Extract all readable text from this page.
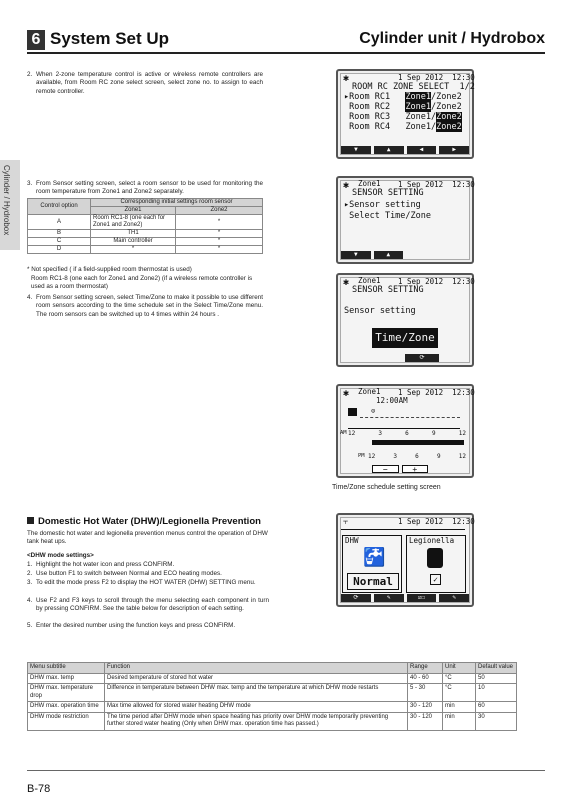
6 System Set Up	Cylinder unit / Hydrobox
Cylinder / Hydrobox
2. When 2-zone temperature control is active or wireless remote controllers are available, from Room RC zone select screen, select zone no. to assign to each remote controller.
3. From Sensor setting screen, select a room sensor to be used for monitoring the room temperature from Zone1 and Zone2 separately.
Control option	Corresponding initial settings room sensor	
	Zone1	Zone2
A	Room RC1-8 (one each for Zone1 and Zone2)	*
B	TH1	*
C	Main controller	*
D	*	*
* Not specified ( if a field-supplied room thermostat is used)
Room RC1-8 (one each for Zone1 and Zone2) (if a wireless remote controller is used as a room thermostat)
4. From Sensor setting screen, select Time/Zone to make it possible to use different room sensors according to the time schedule set in the Select Time/Zone menu. The room sensors can be switched up to 4 times within 24 hours .
✱	1 Sep 2012  12:30
ROOM RC ZONE SELECT  1/2
▸Room RC1 Zone1/Zone2
Room RC2 Zone1/Zone2
Room RC3 Zone1/Zone2
Room RC4 Zone1/Zone2
▼	▲	◀	▶
✱ Zone1 1 Sep 2012  12:30
SENSOR SETTING
▸Sensor setting
Select Time/Zone
▼	▲
✱ Zone1 1 Sep 2012  12:30
SENSOR SETTING
Sensor setting
Time/Zone
⟳
✱ Zone1 1 Sep 2012  12:30
12:00AM
⊙
AM 12	3	6	9	12
PM 12	3	6	9	12
−	+
Time/Zone schedule setting screen
Domestic Hot Water (DHW)/Legionella Prevention
The domestic hot water and legionella prevention menus control the operation of DHW tank heat ups.
<DHW mode settings>
1. Highlight the hot water icon and press CONFIRM.
2. Use button F1 to switch between Normal and ECO heating modes.
3. To edit the mode press F2 to display the HOT WATER (DHW) SETTING menu.
4. Use F2 and F3 keys to scroll through the menu selecting each component in turn by pressing CONFIRM. See the table below for description of each setting.
5. Enter the desired number using the function keys and press CONFIRM.
⫟	1 Sep 2012  12:30
DHW
🚰
Normal
Legionella
✓
⟳	✎	☑☐	✎
Menu subtitle	Function	Range	Unit	Default value
DHW max. temp	Desired temperature of stored hot water	40 - 60	°C	50
DHW max. temperature drop	Difference in temperature between DHW max. temp and the temperature at which DHW mode restarts	5 - 30	°C	10
DHW max. operation time	Max time allowed for stored water heating DHW mode	30 - 120	min	60
DHW mode restriction	The time period after DHW mode when space heating has priority over DHW mode temporarily preventing further stored water heating (Only when DHW max. operation time has passed.)	30 - 120	min	30
B-78
